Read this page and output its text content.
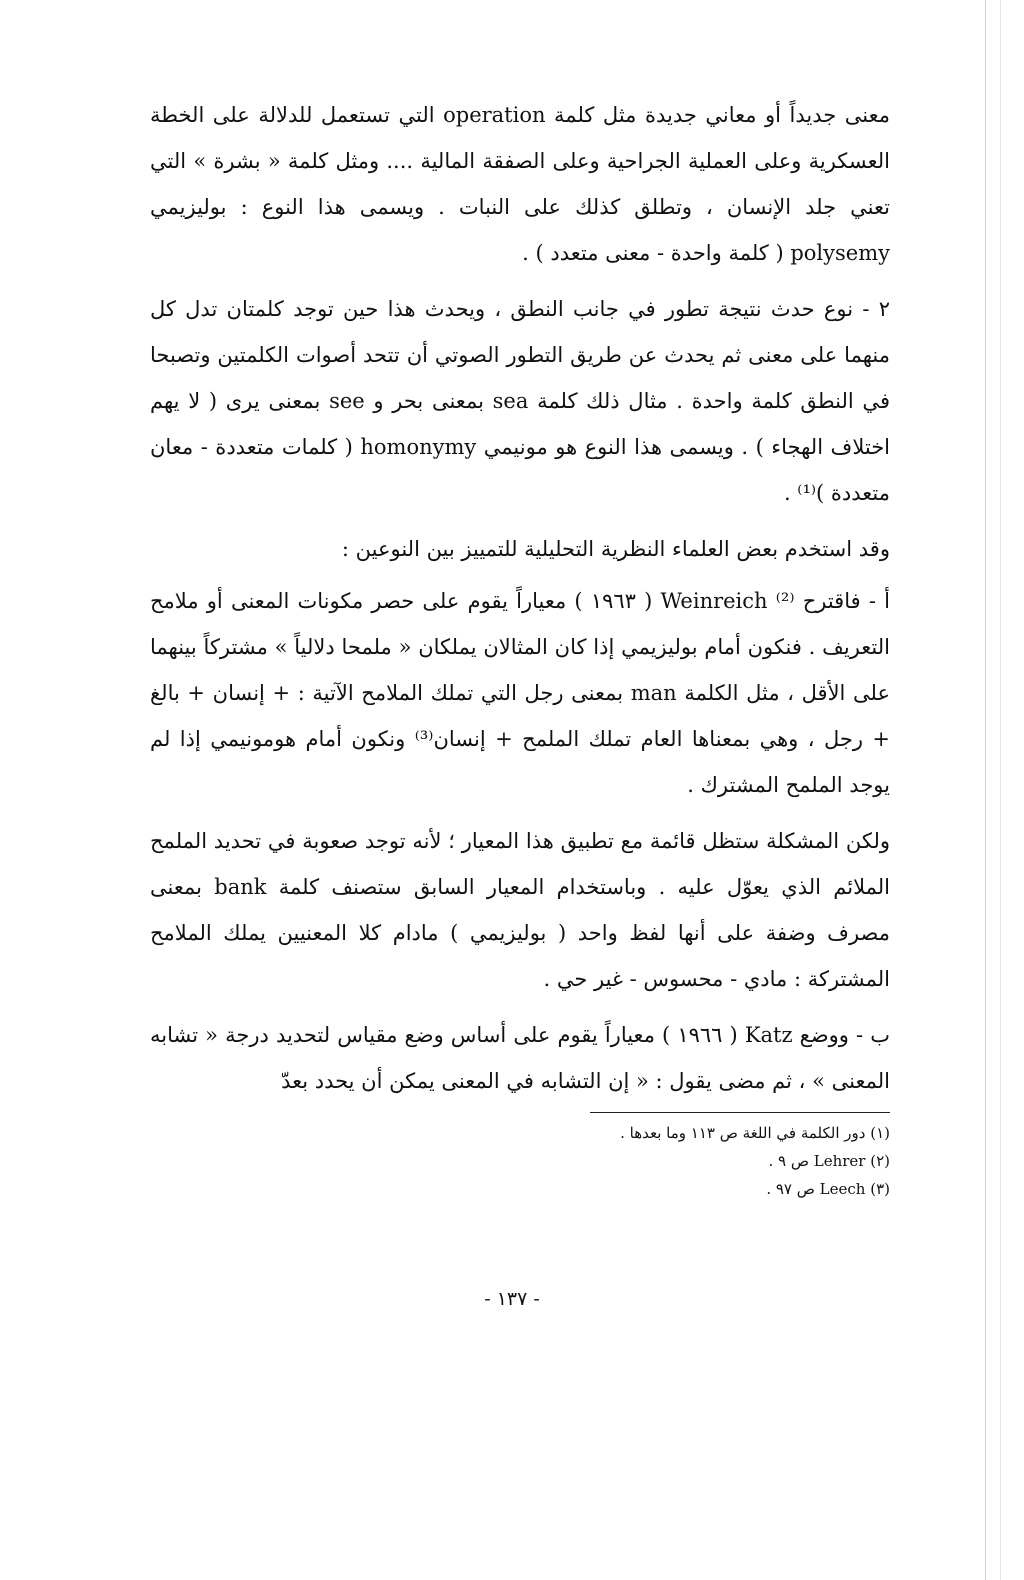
معنى جديداً أو معاني جديدة مثل كلمة operation التي تستعمل للدلالة على الخطة العسكرية وعلى العملية الجراحية وعلى الصفقة المالية .... ومثل كلمة « بشرة » التي تعني جلد الإنسان ، وتطلق كذلك على النبات . ويسمى هذا النوع : بوليزيمي polysemy ( كلمة واحدة - معنى متعدد ) .

٢ - نوع حدث نتيجة تطور في جانب النطق ، ويحدث هذا حين توجد كلمتان تدل كل منهما على معنى ثم يحدث عن طريق التطور الصوتي أن تتحد أصوات الكلمتين وتصبحا في النطق كلمة واحدة . مثال ذلك كلمة sea بمعنى بحر و see بمعنى يرى ( لا يهم اختلاف الهجاء ) . ويسمى هذا النوع هو مونيمي homonymy ( كلمات متعددة - معان متعددة )⁽¹⁾ .

وقد استخدم بعض العلماء النظرية التحليلية للتمييز بين النوعين :

أ - فاقترح Weinreich ⁽²⁾ ( ١٩٦٣ ) معياراً يقوم على حصر مكونات المعنى أو ملامح التعريف . فنكون أمام بوليزيمي إذا كان المثالان يملكان « ملمحا دلالياً » مشتركاً بينهما على الأقل ، مثل الكلمة man بمعنى رجل التي تملك الملامح الآتية : + إنسان + بالغ + رجل ، وهي بمعناها العام تملك الملمح + إنسان⁽³⁾ ونكون أمام هومونيمي إذا لم يوجد الملمح المشترك .

ولكن المشكلة ستظل قائمة مع تطبيق هذا المعيار ؛ لأنه توجد صعوبة في تحديد الملمح الملائم الذي يعوّل عليه . وباستخدام المعيار السابق ستصنف كلمة bank بمعنى مصرف وضفة على أنها لفظ واحد ( بوليزيمي ) مادام كلا المعنيين يملك الملامح المشتركة : مادي - محسوس - غير حي .

ب - ووضع Katz ( ١٩٦٦ ) معياراً يقوم على أساس وضع مقياس لتحديد درجة « تشابه المعنى » ، ثم مضى يقول : « إن التشابه في المعنى يمكن أن يحدد بعدّ

(١) دور الكلمة في اللغة ص ١١٣ وما بعدها .
(٢) Lehrer ص ٩ .
(٣) Leech ص ٩٧ .
- ١٣٧ -
